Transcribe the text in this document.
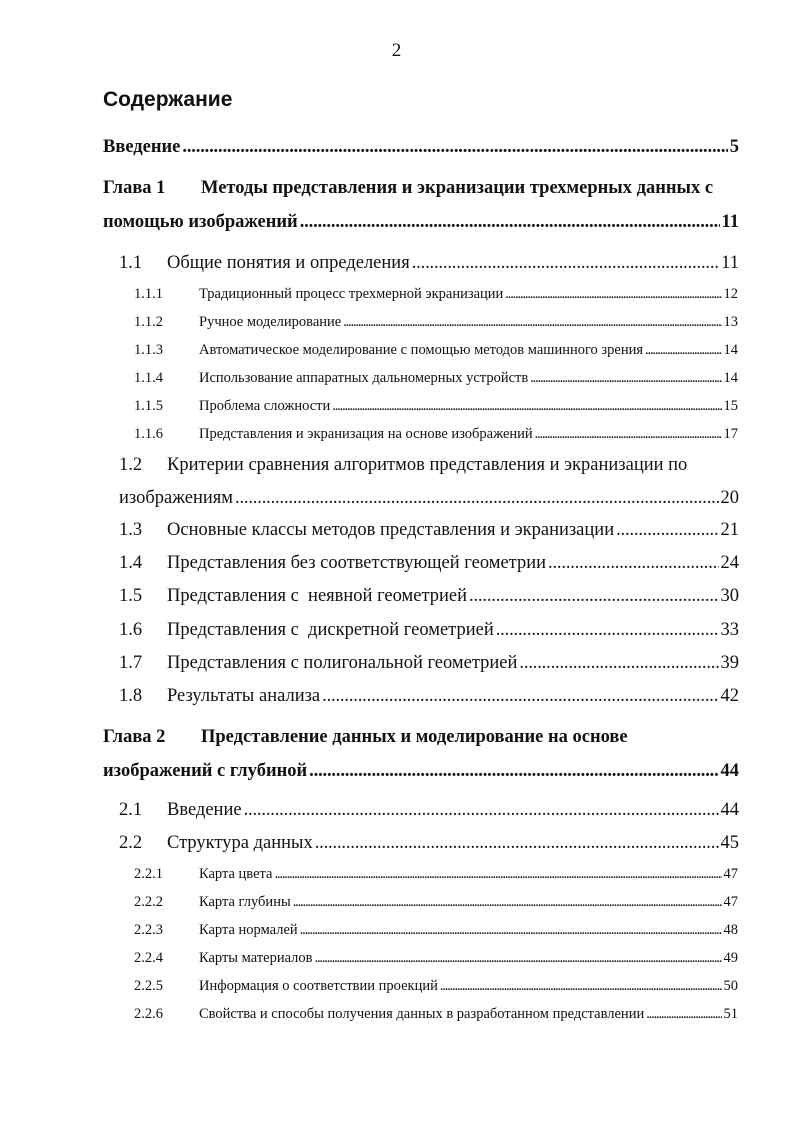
2
Содержание
Введение . . .	5
Глава 1	Методы представления и экранизации трехмерных данных с
помощью изображений . . .	11
1.1	Общие понятия и определения . . .	11
1.1.1	Традиционный процесс трехмерной экранизации . . .	12
1.1.2	Ручное моделирование . . .	13
1.1.3	Автоматическое моделирование с помощью методов машинного зрения . . .	14
1.1.4	Использование аппаратных дальномерных устройств . . .	14
1.1.5	Проблема сложности . . .	15
1.1.6	Представления и экранизация на основе изображений . . .	17
1.2	Критерии сравнения алгоритмов представления и экранизации по
изображениям . . .	20
1.3	Основные классы методов представления и экранизации . . .	21
1.4	Представления без соответствующей геометрии . . .	24
1.5	Представления с  неявной геометрией . . .	30
1.6	Представления с  дискретной геометрией . . .	33
1.7	Представления с полигональной геометрией . . .	39
1.8	Результаты анализа . . .	42
Глава 2	Представление данных и моделирование на основе
изображений с глубиной . . .	44
2.1	Введение . . .	44
2.2	Структура данных . . .	45
2.2.1	Карта цвета . . .	47
2.2.2	Карта глубины . . .	47
2.2.3	Карта нормалей . . .	48
2.2.4	Карты материалов . . .	49
2.2.5	Информация о соответствии проекций . . .	50
2.2.6	Свойства и способы получения данных в разработанном представлении . . .	51
